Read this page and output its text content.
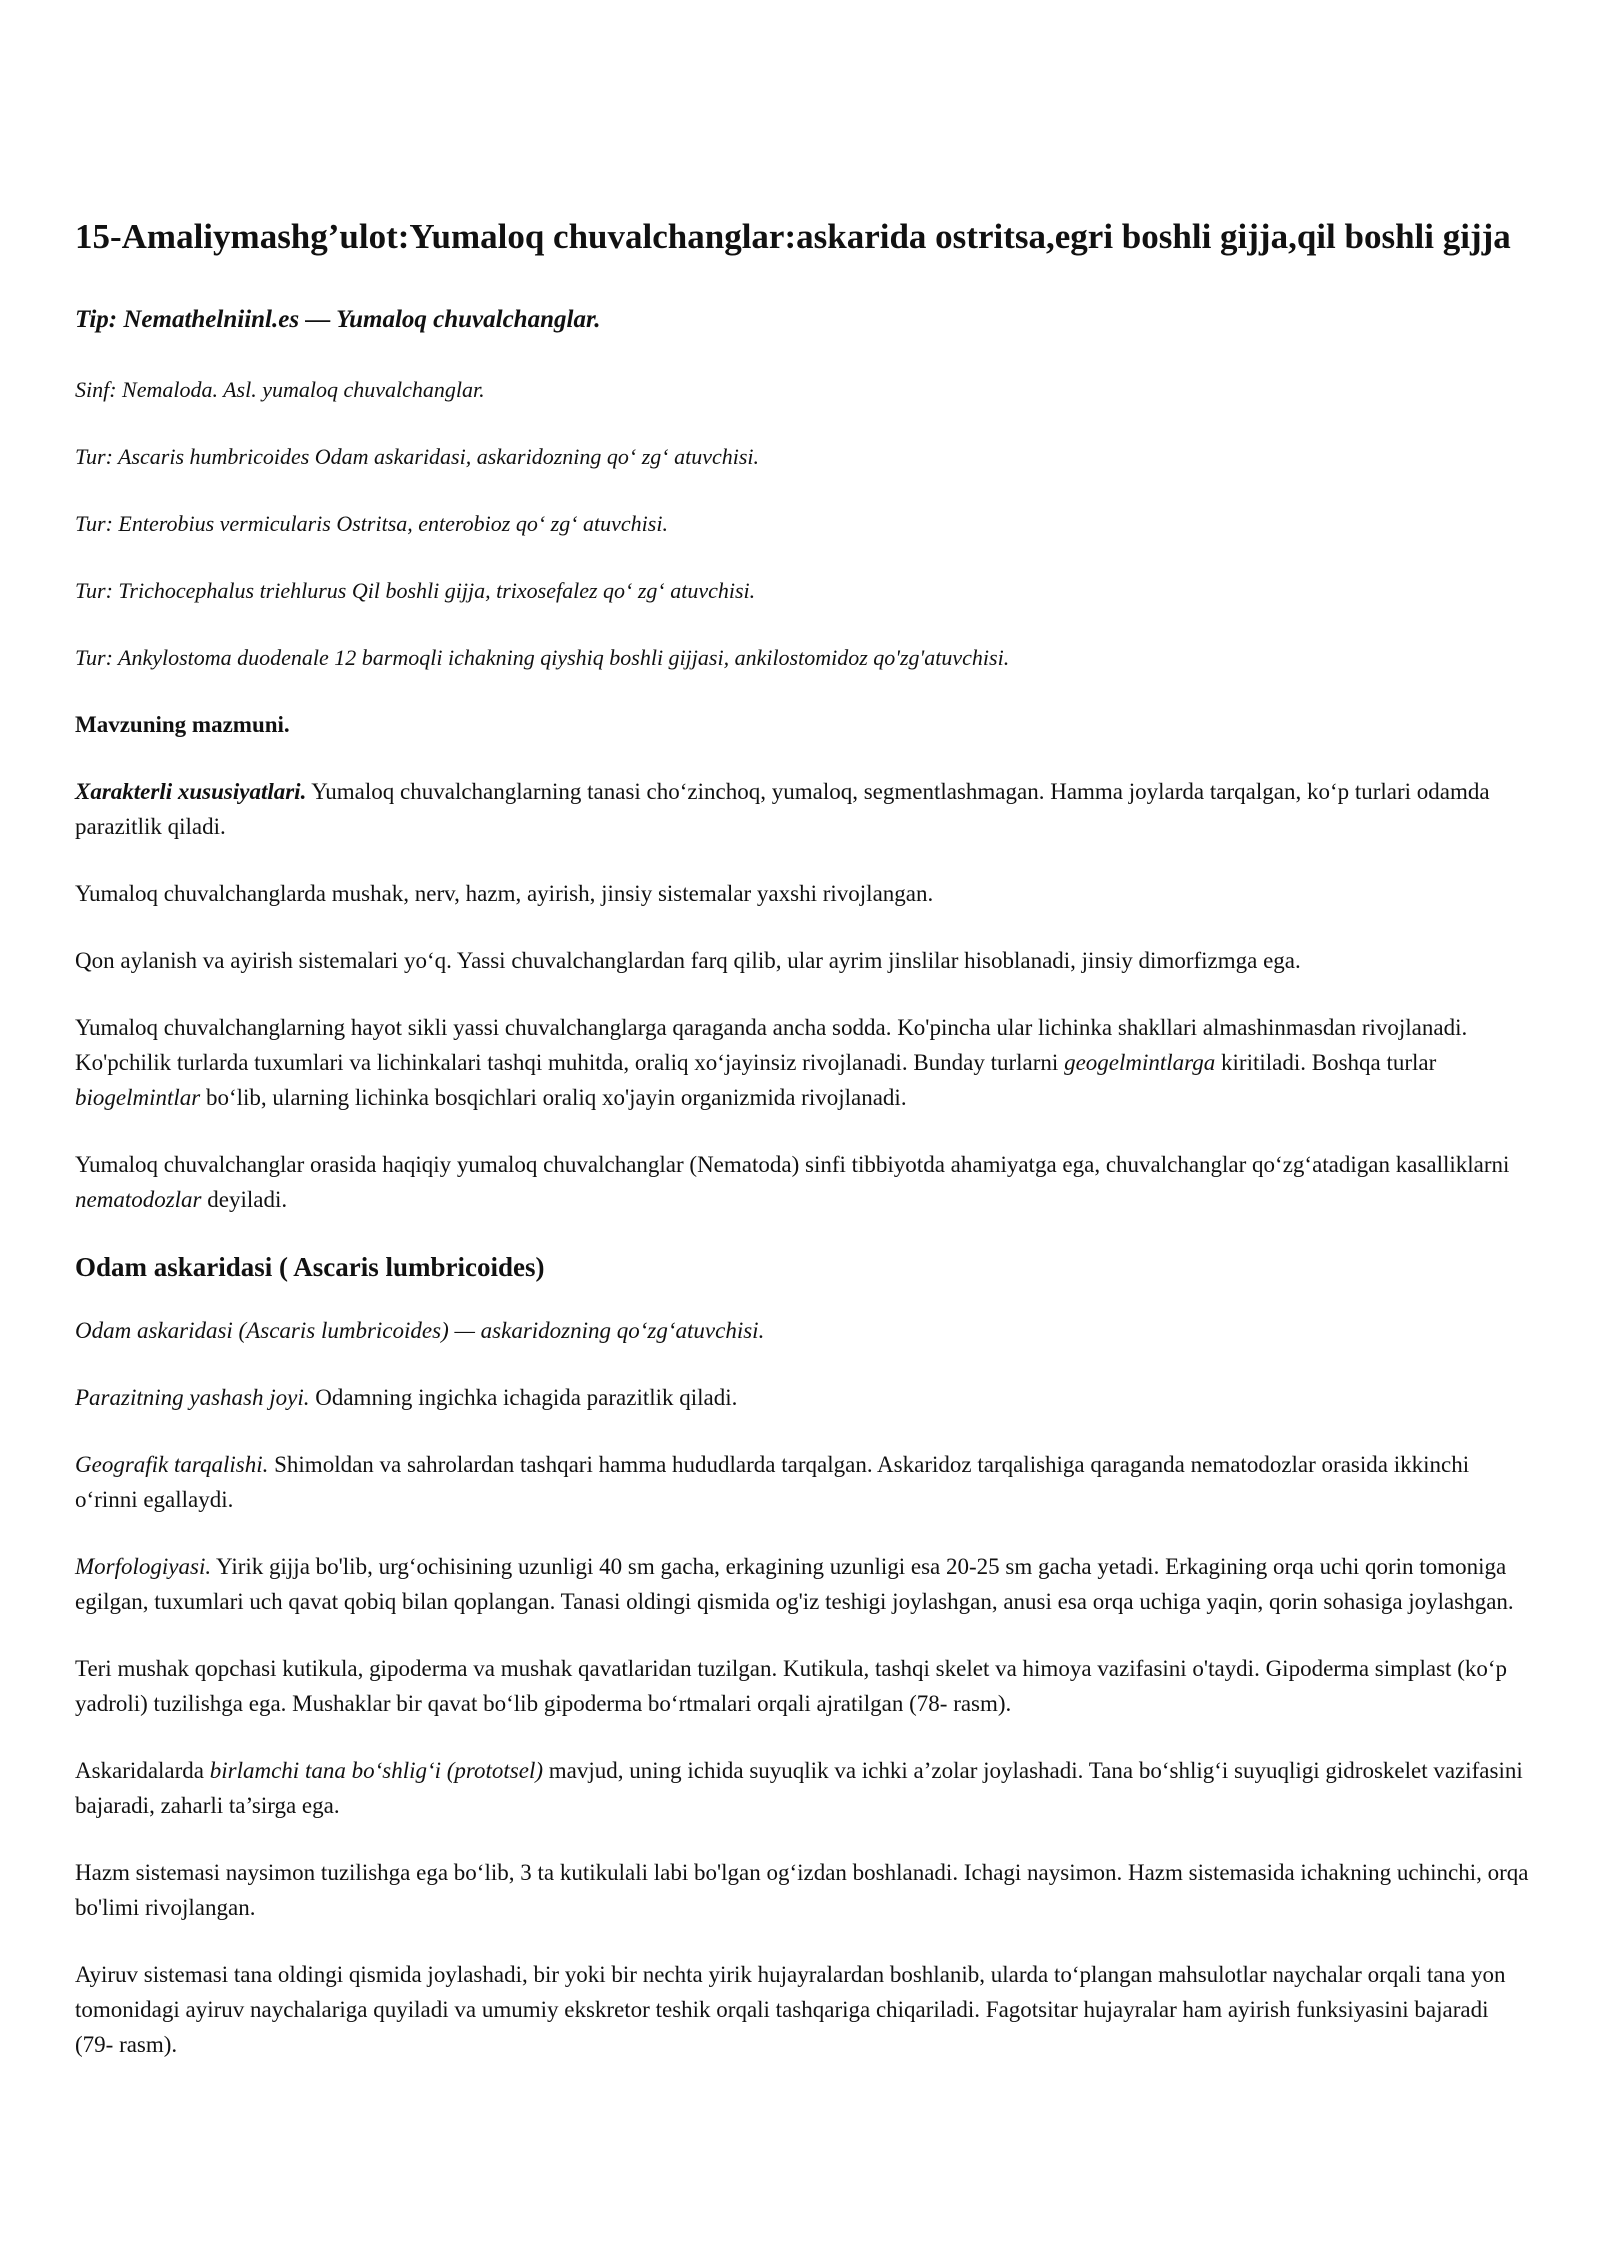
15-Amaliymashg’ulot:Yumaloq chuvalchanglar:askarida ostritsa,egri boshli gijja,qil boshli gijja

Tip: Nemathelniinl.es — Yumaloq chuvalchanglar.

Sinf: Nemaloda. Asl. yumaloq chuvalchanglar.

Tur: Ascaris humbricoides Odam askaridasi, askaridozning qo‘ zg‘ atuvchisi.

Tur: Enterobius vermicularis Ostritsa, enterobioz qo‘ zg‘ atuvchisi.

Tur: Trichocephalus triehlurus Qil boshli gijja, trixosefalez qo‘ zg‘ atuvchisi.

Tur: Ankylostoma duodenale 12 barmoqli ichakning qiyshiq boshli gijjasi, ankilostomidoz qo'zg'atuvchisi.

Mavzuning mazmuni.

Xarakterli xususiyatlari. Yumaloq chuvalchanglarning tanasi cho‘zinchoq, yumaloq, segmentlashmagan. Hamma joylarda tarqalgan, ko‘p turlari odamda parazitlik qiladi.

Yumaloq chuvalchanglarda mushak, nerv, hazm, ayirish, jinsiy sistemalar yaxshi rivojlangan.

Qon aylanish va ayirish sistemalari yo‘q. Yassi chuvalchanglardan farq qilib, ular ayrim jinslilar hisoblanadi, jinsiy dimorfizmga ega.

Yumaloq chuvalchanglarning hayot sikli yassi chuvalchanglarga qaraganda ancha sodda. Ko'pincha ular lichinka shakllari almashinmasdan rivojlanadi. Ko'pchilik turlarda tuxumlari va lichinkalari tashqi muhitda, oraliq xo‘jayinsiz rivojlanadi. Bunday turlarni geogelmintlarga kiritiladi. Boshqa turlar biogelmintlar bo‘lib, ularning lichinka bosqichlari oraliq xo'jayin organizmida rivojlanadi.

Yumaloq chuvalchanglar orasida haqiqiy yumaloq chuvalchanglar (Nematoda) sinfi tibbiyotda ahamiyatga ega, chuvalchanglar qo‘zg‘atadigan kasalliklarni nematodozlar deyiladi.

Odam askaridasi ( Ascaris lumbricoides)

Odam askaridasi (Ascaris lumbricoides) — askaridozning qo‘zg‘atuvchisi.

Parazitning yashash joyi. Odamning ingichka ichagida parazitlik qiladi.

Geografik tarqalishi. Shimoldan va sahrolardan tashqari hamma hududlarda tarqalgan. Askaridoz tarqalishiga qaraganda nematodozlar orasida ikkinchi o‘rinni egallaydi.

Morfologiyasi. Yirik gijja bo'lib, urg‘ochisining uzunligi 40 sm gacha, erkagining uzunligi esa 20-25 sm gacha yetadi. Erkagining orqa uchi qorin tomoniga egilgan, tuxumlari uch qavat qobiq bilan qoplangan. Tanasi oldingi qismida og'iz teshigi joylashgan, anusi esa orqa uchiga yaqin, qorin sohasiga joylashgan.

Teri mushak qopchasi kutikula, gipoderma va mushak qavatlaridan tuzilgan. Kutikula, tashqi skelet va himoya vazifasini o'taydi. Gipoderma simplast (ko‘p yadroli) tuzilishga ega. Mushaklar bir qavat bo‘lib gipoderma bo‘rtmalari orqali ajratilgan (78- rasm).

Askaridalarda birlamchi tana bo‘shlig‘i (prototsel) mavjud, uning ichida suyuqlik va ichki a’zolar joylashadi. Tana bo‘shlig‘i suyuqligi gidroskelet vazifasini bajaradi, zaharli ta’sirga ega.

Hazm sistemasi naysimon tuzilishga ega bo‘lib, 3 ta kutikulali labi bo'lgan og‘izdan boshlanadi. Ichagi naysimon. Hazm sistemasida ichakning uchinchi, orqa bo'limi rivojlangan.

Ayiruv sistemasi tana oldingi qismida joylashadi, bir yoki bir nechta yirik hujayralardan boshlanib, ularda to‘plangan mahsulotlar naychalar orqali tana yon tomonidagi ayiruv naychalariga quyiladi va umumiy ekskretor teshik orqali tashqariga chiqariladi. Fagotsitar hujayralar ham ayirish funksiyasini bajaradi (79- rasm).
